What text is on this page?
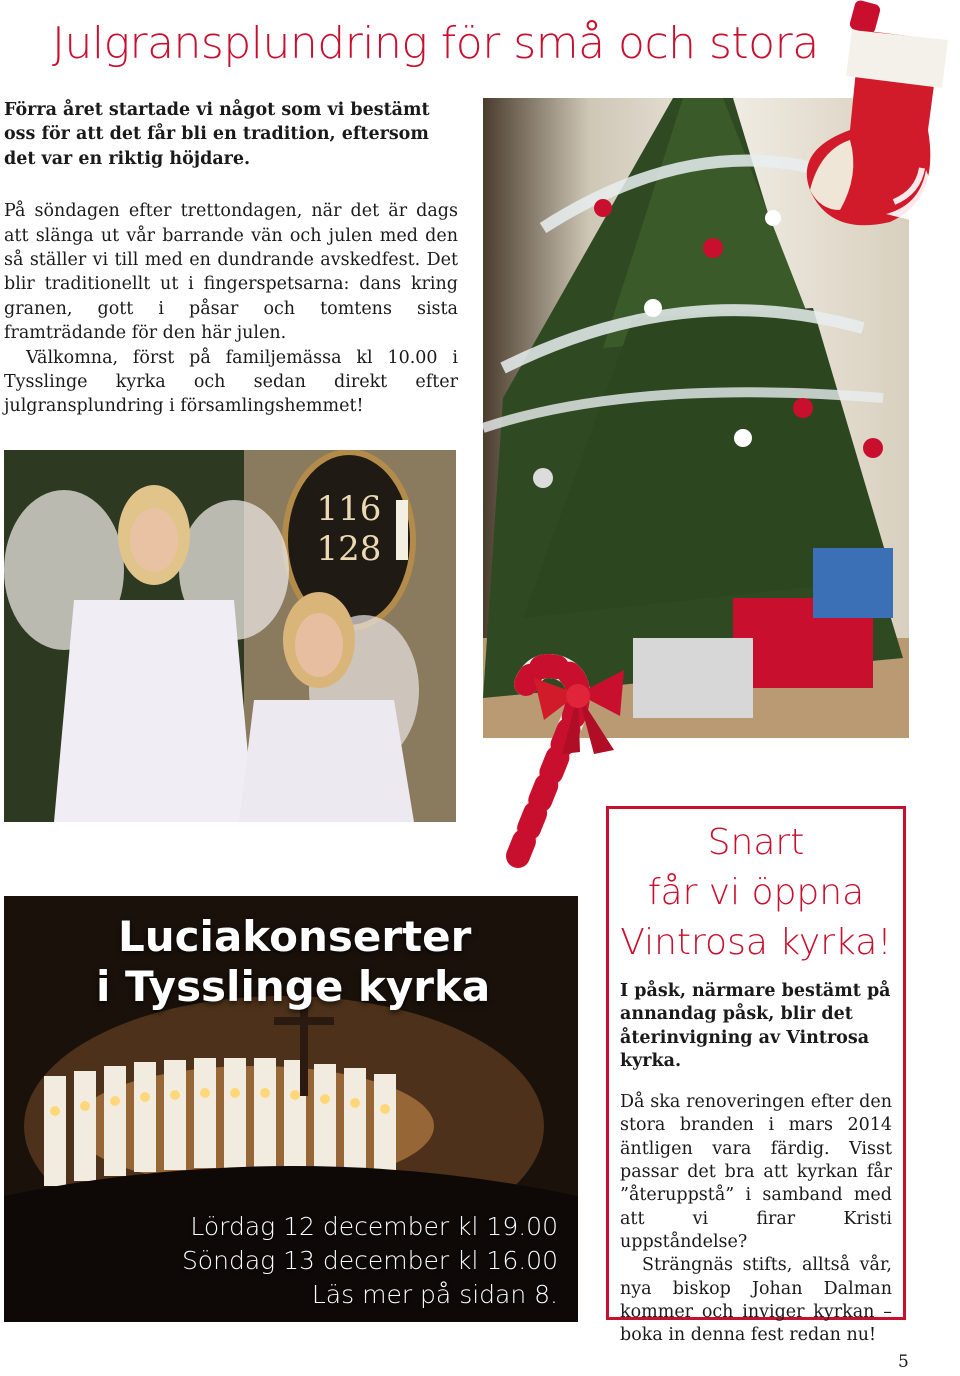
Julgransplundring för små och stora

Förra året startade vi något som vi bestämt oss för att det får bli en tradition, eftersom det var en riktig höjdare.

På söndagen efter trettondagen, när det är dags att slänga ut vår barrande vän och julen med den så ställer vi till med en dundrande avskedfest. Det blir traditionellt ut i fingerspetsarna: dans kring granen, gott i påsar och tomtens sista framträdande för den här julen.

Välkomna, först på familjemässa kl 10.00 i Tysslinge kyrka och sedan direkt efter julgransplundring i församlingshemmet!

116
128
Luciakonserter
i Tysslinge kyrka
Lördag 12 december kl 19.00
Söndag 13 december kl 16.00
Läs mer på sidan 8.
Snart
får vi öppna
Vintrosa kyrka!

I påsk, närmare bestämt på annandag påsk, blir det återinvigning av Vintrosa kyrka.

Då ska renoveringen efter den stora branden i mars 2014 äntligen vara färdig. Visst passar det bra att kyrkan får ”återuppstå” i samband med att vi firar Kristi uppståndelse?

Strängnäs stifts, alltså vår, nya biskop Johan Dalman kommer och inviger kyrkan – boka in denna fest redan nu!

5
